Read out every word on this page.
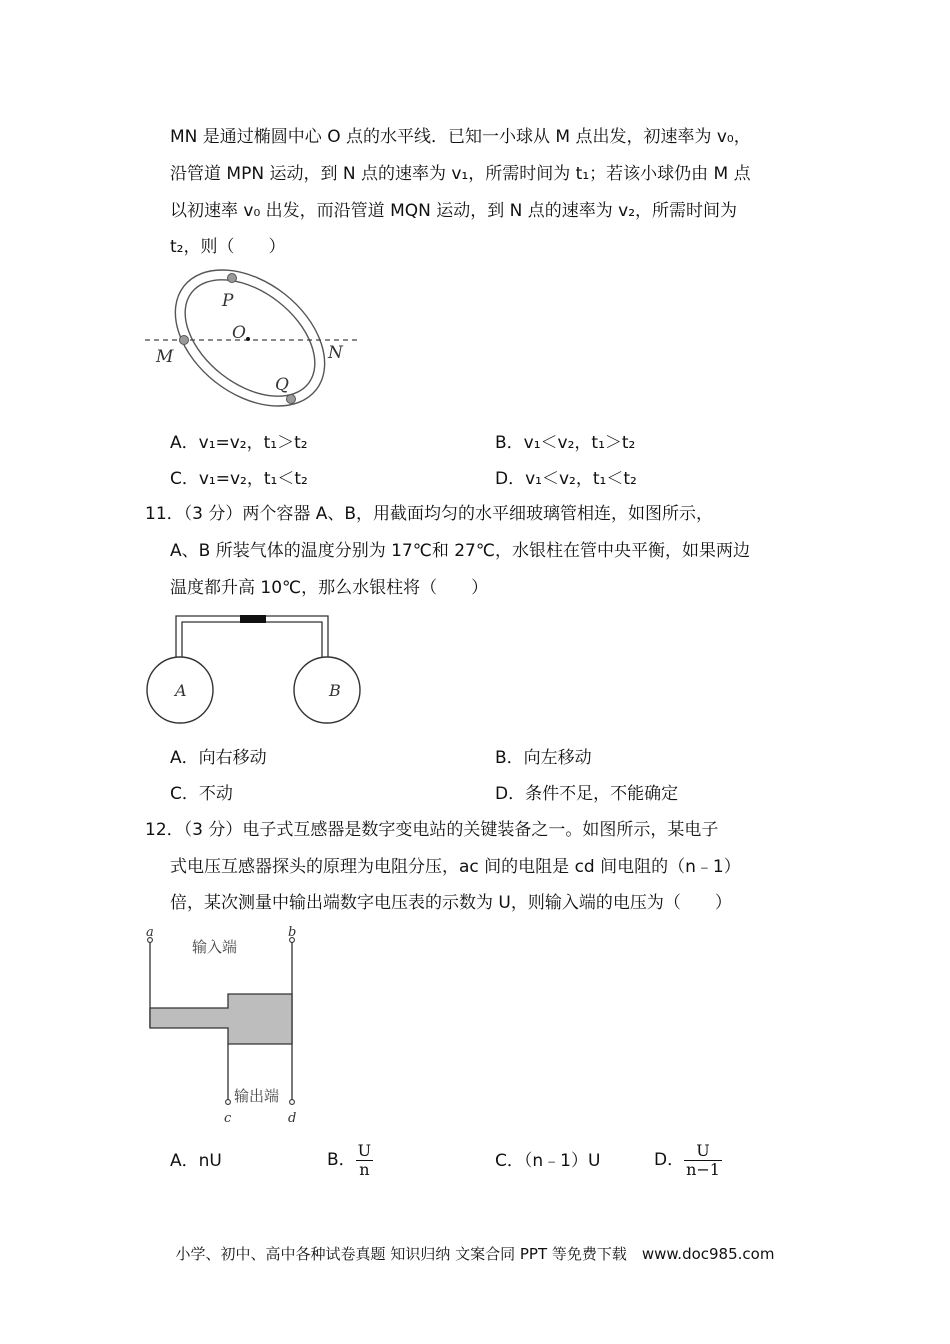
MN 是通过椭圆中心 O 点的水平线．已知一小球从 M 点出发，初速率为 v₀，
沿管道 MPN 运动，到 N 点的速率为 v₁，所需时间为 t₁；若该小球仍由 M 点
以初速率 v₀ 出发，而沿管道 MQN 运动，到 N 点的速率为 v₂，所需时间为
t₂，则（　　）
P
O
M	N
Q
A．v₁=v₂，t₁＞t₂	B．v₁＜v₂，t₁＞t₂
C．v₁=v₂，t₁＜t₂	D．v₁＜v₂，t₁＜t₂
11．（3 分）两个容器 A、B，用截面均匀的水平细玻璃管相连，如图所示，
A、B 所装气体的温度分别为 17℃和 27℃，水银柱在管中央平衡，如果两边
温度都升高 10℃，那么水银柱将（　　）
A	B
A．向右移动	B．向左移动
C．不动	D．条件不足，不能确定
12．（3 分）电子式互感器是数字变电站的关键装备之一。如图所示，某电子
式电压互感器探头的原理为电阻分压，ac 间的电阻是 cd 间电阻的（n﹣1）
倍，某次测量中输出端数字电压表的示数为 U，则输入端的电压为（　　）
a	b
c	d
输入端
输出端
A．nU	B． $\frac{U}{n}$	C．（n﹣1）U	D． $\frac{U}{n-1}$
小学、初中、高中各种试卷真题 知识归纳 文案合同 PPT 等免费下载　www.doc985.com
